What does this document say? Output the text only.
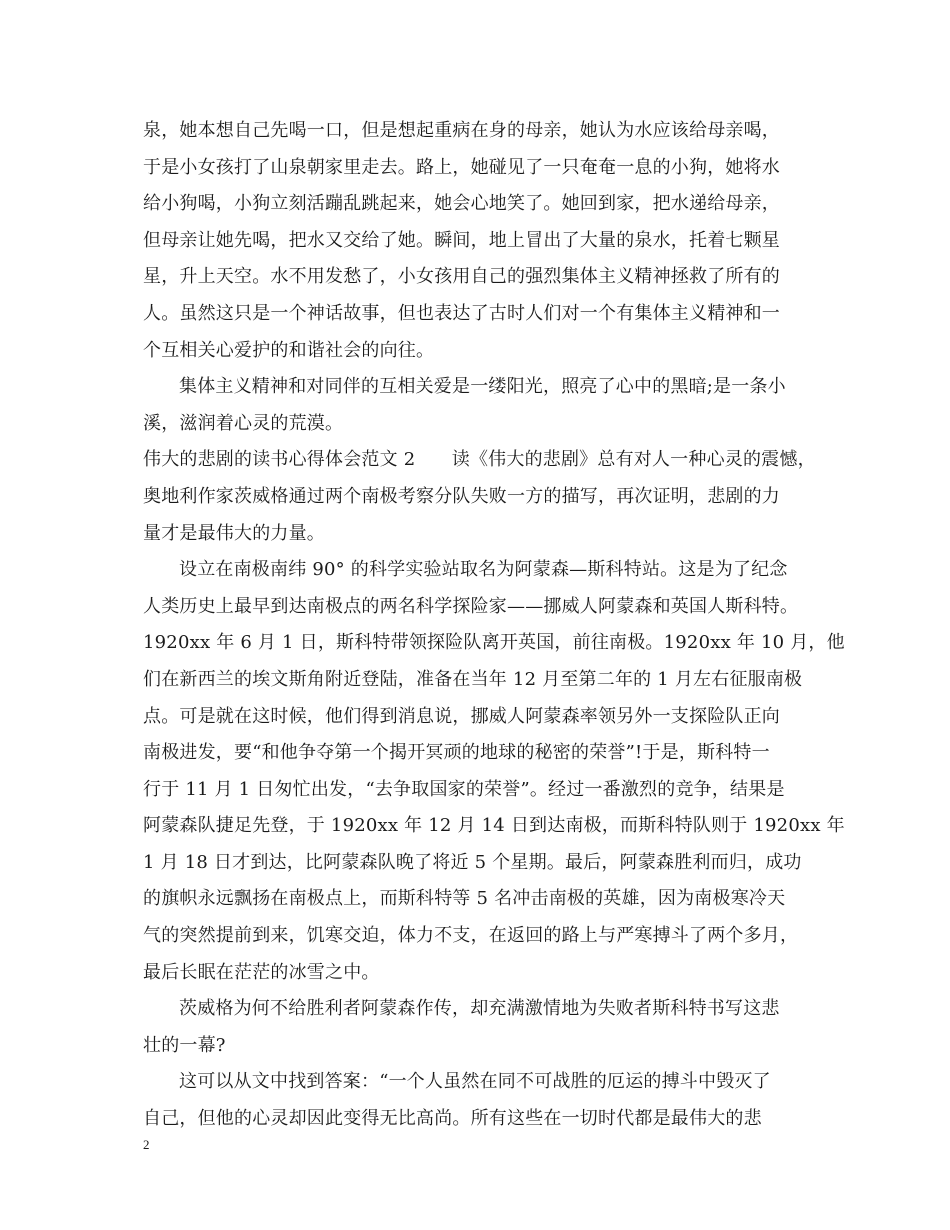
泉，她本想自己先喝一口，但是想起重病在身的母亲，她认为水应该给母亲喝，
于是小女孩打了山泉朝家里走去。路上，她碰见了一只奄奄一息的小狗，她将水
给小狗喝，小狗立刻活蹦乱跳起来，她会心地笑了。她回到家，把水递给母亲，
但母亲让她先喝，把水又交给了她。瞬间，地上冒出了大量的泉水，托着七颗星
星，升上天空。水不用发愁了，小女孩用自己的强烈集体主义精神拯救了所有的
人。虽然这只是一个神话故事，但也表达了古时人们对一个有集体主义精神和一
个互相关心爱护的和谐社会的向往。
集体主义精神和对同伴的互相关爱是一缕阳光，照亮了心中的黑暗;是一条小
溪，滋润着心灵的荒漠。
伟大的悲剧的读书心得体会范文 2　　读《伟大的悲剧》总有对人一种心灵的震憾，
奥地利作家茨威格通过两个南极考察分队失败一方的描写，再次证明，悲剧的力
量才是最伟大的力量。
设立在南极南纬 90° 的科学实验站取名为阿蒙森—斯科特站。这是为了纪念
人类历史上最早到达南极点的两名科学探险家——挪威人阿蒙森和英国人斯科特。
1920xx 年 6 月 1 日，斯科特带领探险队离开英国，前往南极。1920xx 年 10 月，他
们在新西兰的埃文斯角附近登陆，准备在当年 12 月至第二年的 1 月左右征服南极
点。可是就在这时候，他们得到消息说，挪威人阿蒙森率领另外一支探险队正向
南极进发，要“和他争夺第一个揭开冥顽的地球的秘密的荣誉”!于是，斯科特一
行于 11 月 1 日匆忙出发，“去争取国家的荣誉”。经过一番激烈的竞争，结果是
阿蒙森队捷足先登，于 1920xx 年 12 月 14 日到达南极，而斯科特队则于 1920xx 年
1 月 18 日才到达，比阿蒙森队晚了将近 5 个星期。最后，阿蒙森胜利而归，成功
的旗帜永远飘扬在南极点上，而斯科特等 5 名冲击南极的英雄，因为南极寒冷天
气的突然提前到来，饥寒交迫，体力不支，在返回的路上与严寒搏斗了两个多月，
最后长眠在茫茫的冰雪之中。
茨威格为何不给胜利者阿蒙森作传，却充满激情地为失败者斯科特书写这悲
壮的一幕?
这可以从文中找到答案：“一个人虽然在同不可战胜的厄运的搏斗中毁灭了
自己，但他的心灵却因此变得无比高尚。所有这些在一切时代都是最伟大的悲
2
